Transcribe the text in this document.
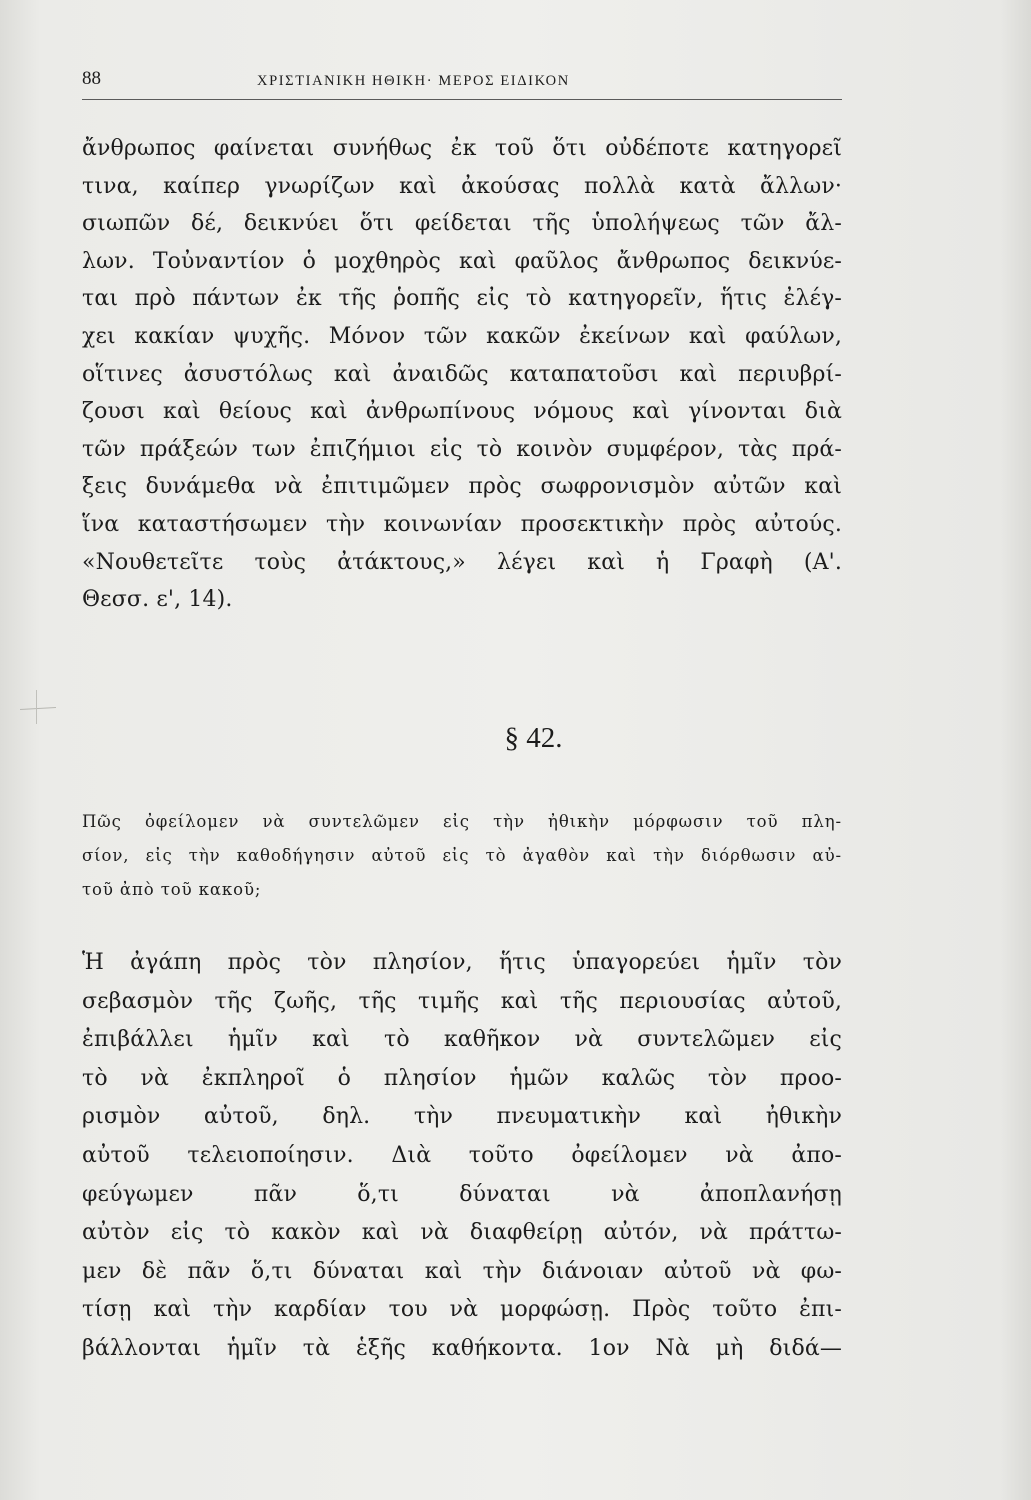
88	ΧΡΙΣΤΙΑΝΙΚΗ ΗΘΙΚΗ· ΜΕΡΟΣ ΕΙΔΙΚΟΝ
ἄνθρωπος φαίνεται συνήθως ἐκ τοῦ ὅτι οὐδέποτε κατηγορεῖ
τινα, καίπερ γνωρίζων καὶ ἀκούσας πολλὰ κατὰ ἄλλων·
σιωπῶν δέ, δεικνύει ὅτι φείδεται τῆς ὑπολήψεως τῶν ἄλ-
λων. Τοὐναντίον ὁ μοχθηρὸς καὶ φαῦλος ἄνθρωπος δεικνύε-
ται πρὸ πάντων ἐκ τῆς ῥοπῆς εἰς τὸ κατηγορεῖν, ἥτις ἐλέγ-
χει κακίαν ψυχῆς. Μόνον τῶν κακῶν ἐκείνων καὶ φαύλων,
οἵτινες ἀσυστόλως καὶ ἀναιδῶς καταπατοῦσι καὶ περιυβρί-
ζουσι καὶ θείους καὶ ἀνθρωπίνους νόμους καὶ γίνονται διὰ
τῶν πράξεών των ἐπιζήμιοι εἰς τὸ κοινὸν συμφέρον, τὰς πρά-
ξεις δυνάμεθα νὰ ἐπιτιμῶμεν πρὸς σωφρονισμὸν αὐτῶν καὶ
ἵνα καταστήσωμεν τὴν κοινωνίαν προσεκτικὴν πρὸς αὐτούς.
«Νουθετεῖτε τοὺς ἀτάκτους,» λέγει καὶ ἡ Γραφὴ (Α'.
Θεσσ. ε', 14).
§ 42.
Πῶς ὀφείλομεν νὰ συντελῶμεν εἰς τὴν ἠθικὴν μόρφωσιν τοῦ πλη-
σίον, εἰς τὴν καθοδήγησιν αὐτοῦ εἰς τὸ ἀγαθὸν καὶ τὴν διόρθωσιν αὐ-
τοῦ ἀπὸ τοῦ κακοῦ;
Ἡ ἀγάπη πρὸς τὸν πλησίον, ἥτις ὑπαγορεύει ἡμῖν τὸν
σεβασμὸν τῆς ζωῆς, τῆς τιμῆς καὶ τῆς περιουσίας αὐτοῦ,
ἐπιβάλλει ἡμῖν καὶ τὸ καθῆκον νὰ συντελῶμεν εἰς
τὸ νὰ ἐκπληροῖ ὁ πλησίον ἡμῶν καλῶς τὸν προο-
ρισμὸν αὐτοῦ, δηλ. τὴν πνευματικὴν καὶ ἠθικὴν
αὐτοῦ τελειοποίησιν. Διὰ τοῦτο ὀφείλομεν νὰ ἀπο-
φεύγωμεν πᾶν ὅ,τι δύναται νὰ ἀποπλανήσῃ
αὐτὸν εἰς τὸ κακὸν καὶ νὰ διαφθείρῃ αὐτόν, νὰ πράττω-
μεν δὲ πᾶν ὅ,τι δύναται καὶ τὴν διάνοιαν αὐτοῦ νὰ φω-
τίσῃ καὶ τὴν καρδίαν του νὰ μορφώσῃ. Πρὸς τοῦτο ἐπι-
βάλλονται ἡμῖν τὰ ἑξῆς καθήκοντα. 1ον Νὰ μὴ διδά—
